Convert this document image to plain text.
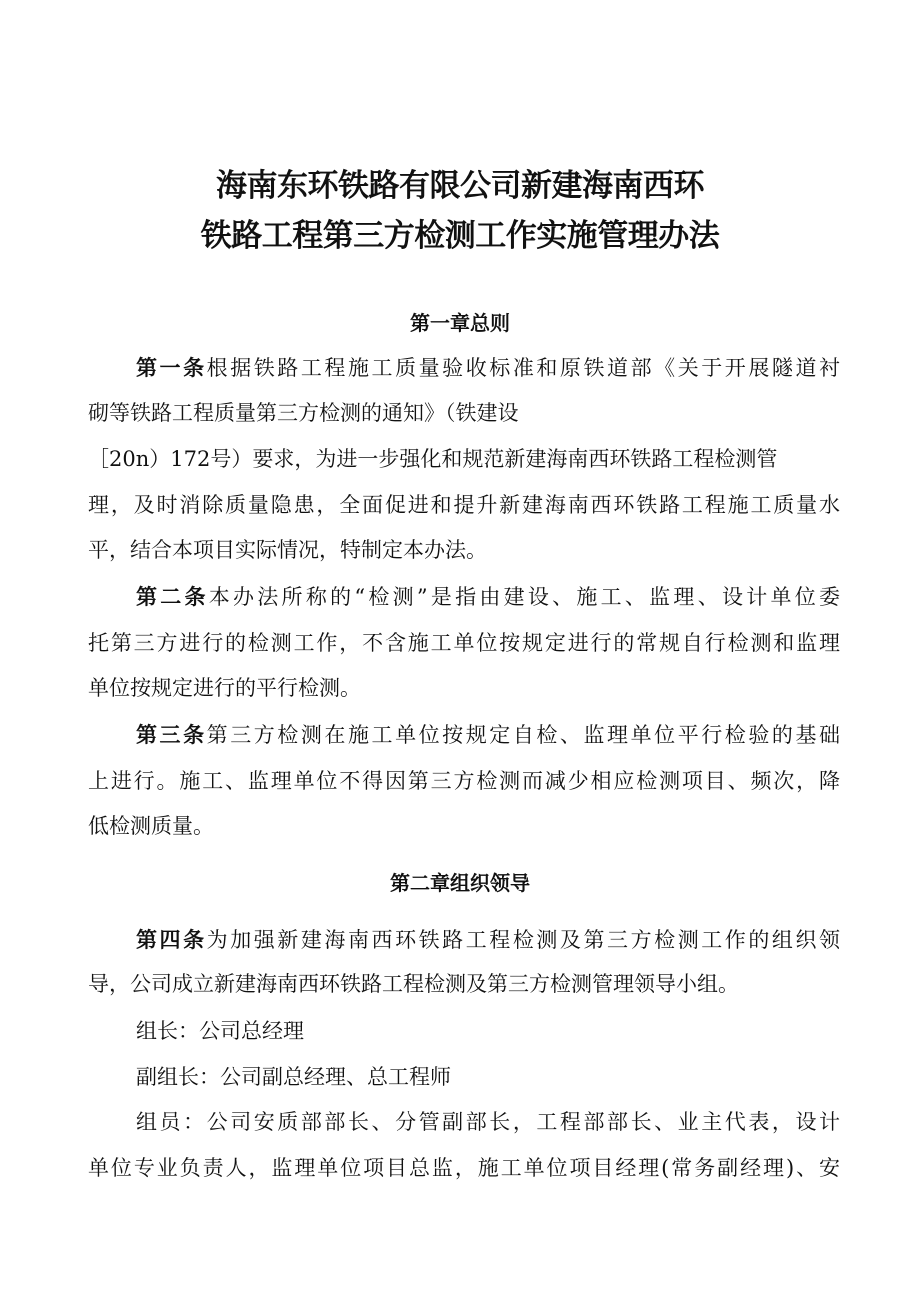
海南东环铁路有限公司新建海南西环
铁路工程第三方检测工作实施管理办法
第一章总则
第一条根据铁路工程施工质量验收标准和原铁道部《关于开展隧道衬
砌等铁路工程质量第三方检测的通知》（铁建设
［20n）172号）要求，为进一步强化和规范新建海南西环铁路工程检测管
理，及时消除质量隐患，全面促进和提升新建海南西环铁路工程施工质量水
平，结合本项目实际情况，特制定本办法。
第二条本办法所称的“检测”是指由建设、施工、监理、设计单位委
托第三方进行的检测工作，不含施工单位按规定进行的常规自行检测和监理
单位按规定进行的平行检测。
第三条第三方检测在施工单位按规定自检、监理单位平行检验的基础
上进行。施工、监理单位不得因第三方检测而减少相应检测项目、频次，降
低检测质量。
第二章组织领导
第四条为加强新建海南西环铁路工程检测及第三方检测工作的组织领
导，公司成立新建海南西环铁路工程检测及第三方检测管理领导小组。
组长：公司总经理
副组长：公司副总经理、总工程师
组员：公司安质部部长、分管副部长，工程部部长、业主代表，设计
单位专业负责人，监理单位项目总监，施工单位项目经理(常务副经理)、安
